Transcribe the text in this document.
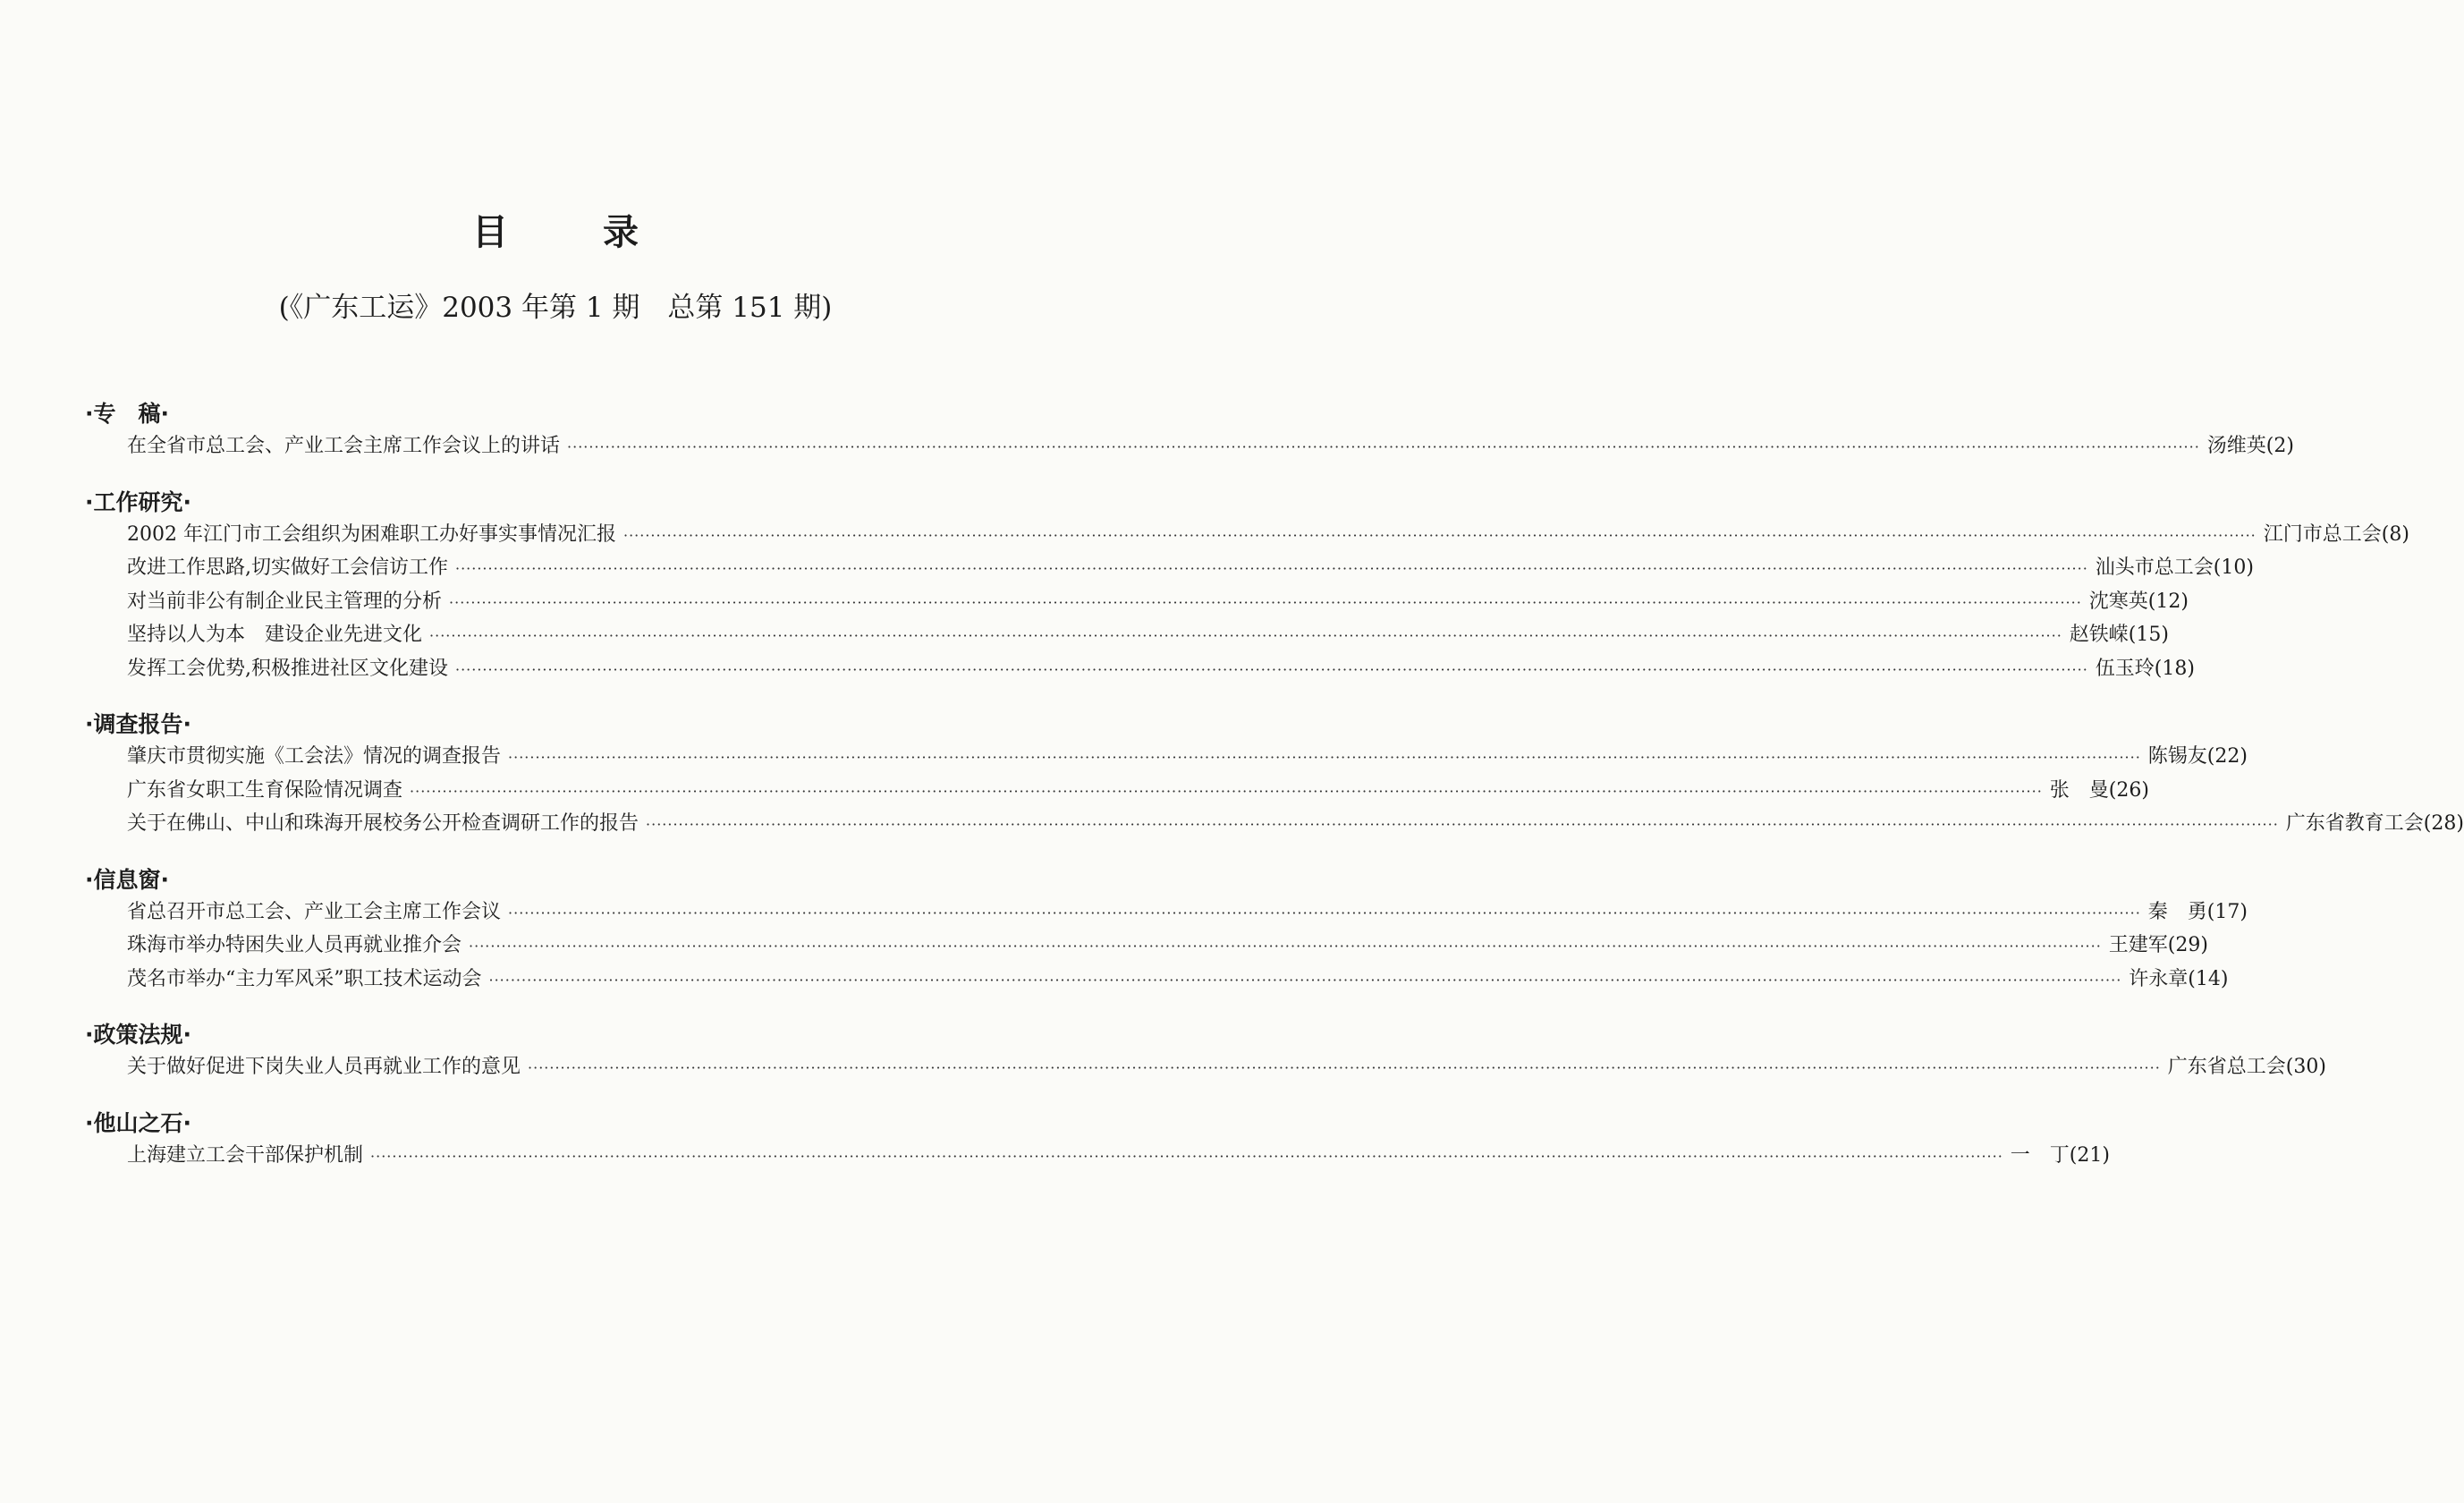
目 录
(《广东工运》2003 年第 1 期　总第 151 期)
·专　稿·
在全省市总工会、产业工会主席工作会议上的讲话 ············································································································································································································································································································ 汤维英(2)
·工作研究·
2002 年江门市工会组织为困难职工办好事实事情况汇报 ············································································································································································································································································································ 江门市总工会(8)
改进工作思路,切实做好工会信访工作 ············································································································································································································································································································ 汕头市总工会(10)
对当前非公有制企业民主管理的分析 ············································································································································································································································································································ 沈寒英(12)
坚持以人为本　建设企业先进文化 ············································································································································································································································································································ 赵铁嵘(15)
发挥工会优势,积极推进社区文化建设 ············································································································································································································································································································ 伍玉玲(18)
·调查报告·
肇庆市贯彻实施《工会法》情况的调查报告 ············································································································································································································································································································ 陈锡友(22)
广东省女职工生育保险情况调查 ············································································································································································································································································································ 张　曼(26)
关于在佛山、中山和珠海开展校务公开检查调研工作的报告 ············································································································································································································································································································ 广东省教育工会(28)
·信息窗·
省总召开市总工会、产业工会主席工作会议 ············································································································································································································································································································ 秦　勇(17)
珠海市举办特困失业人员再就业推介会 ············································································································································································································································································································ 王建军(29)
茂名市举办“主力军风采”职工技术运动会 ············································································································································································································································································································ 许永章(14)
·政策法规·
关于做好促进下岗失业人员再就业工作的意见 ············································································································································································································································································································ 广东省总工会(30)
·他山之石·
上海建立工会干部保护机制 ············································································································································································································································································································ 一　丁(21)
